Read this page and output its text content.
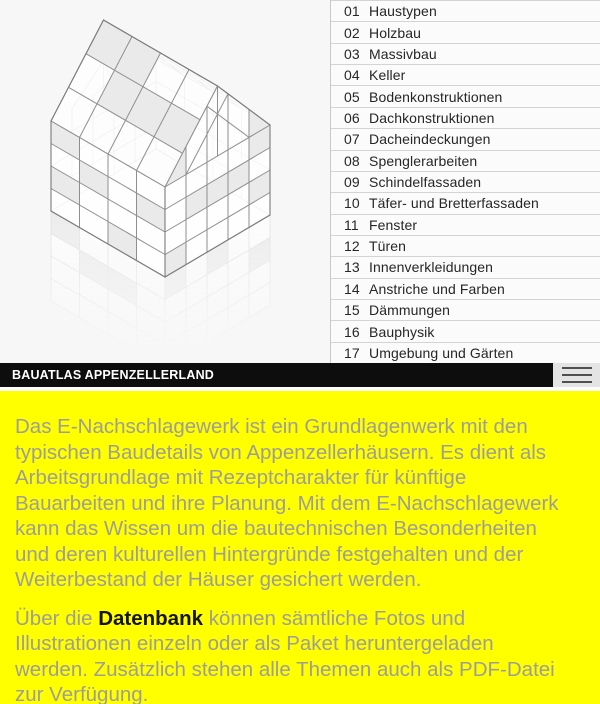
01 Haustypen
02 Holzbau
03 Massivbau
04 Keller
05 Bodenkonstruktionen
06 Dachkonstruktionen
07 Dacheindeckungen
08 Spenglerarbeiten
09 Schindelfassaden
10 Täfer- und Bretterfassaden
11 Fenster
12 Türen
13 Innenverkleidungen
14 Anstriche und Farben
15 Dämmungen
16 Bauphysik
17 Umgebung und Gärten
BAUATLAS APPENZELLERLAND

Das E-Nachschlagewerk ist ein Grundlagenwerk mit den typischen Baudetails von Appenzellerhäusern. Es dient als Arbeitsgrundlage mit Rezeptcharakter für künftige Bauarbeiten und ihre Planung. Mit dem E-Nachschlagewerk kann das Wissen um die bautechnischen Besonderheiten und deren kulturellen Hintergründe festgehalten und der Weiterbestand der Häuser gesichert werden.

Über die Datenbank können sämtliche Fotos und Illustrationen einzeln oder als Paket heruntergeladen werden. Zusätzlich stehen alle Themen auch als PDF-Datei zur Verfügung.
